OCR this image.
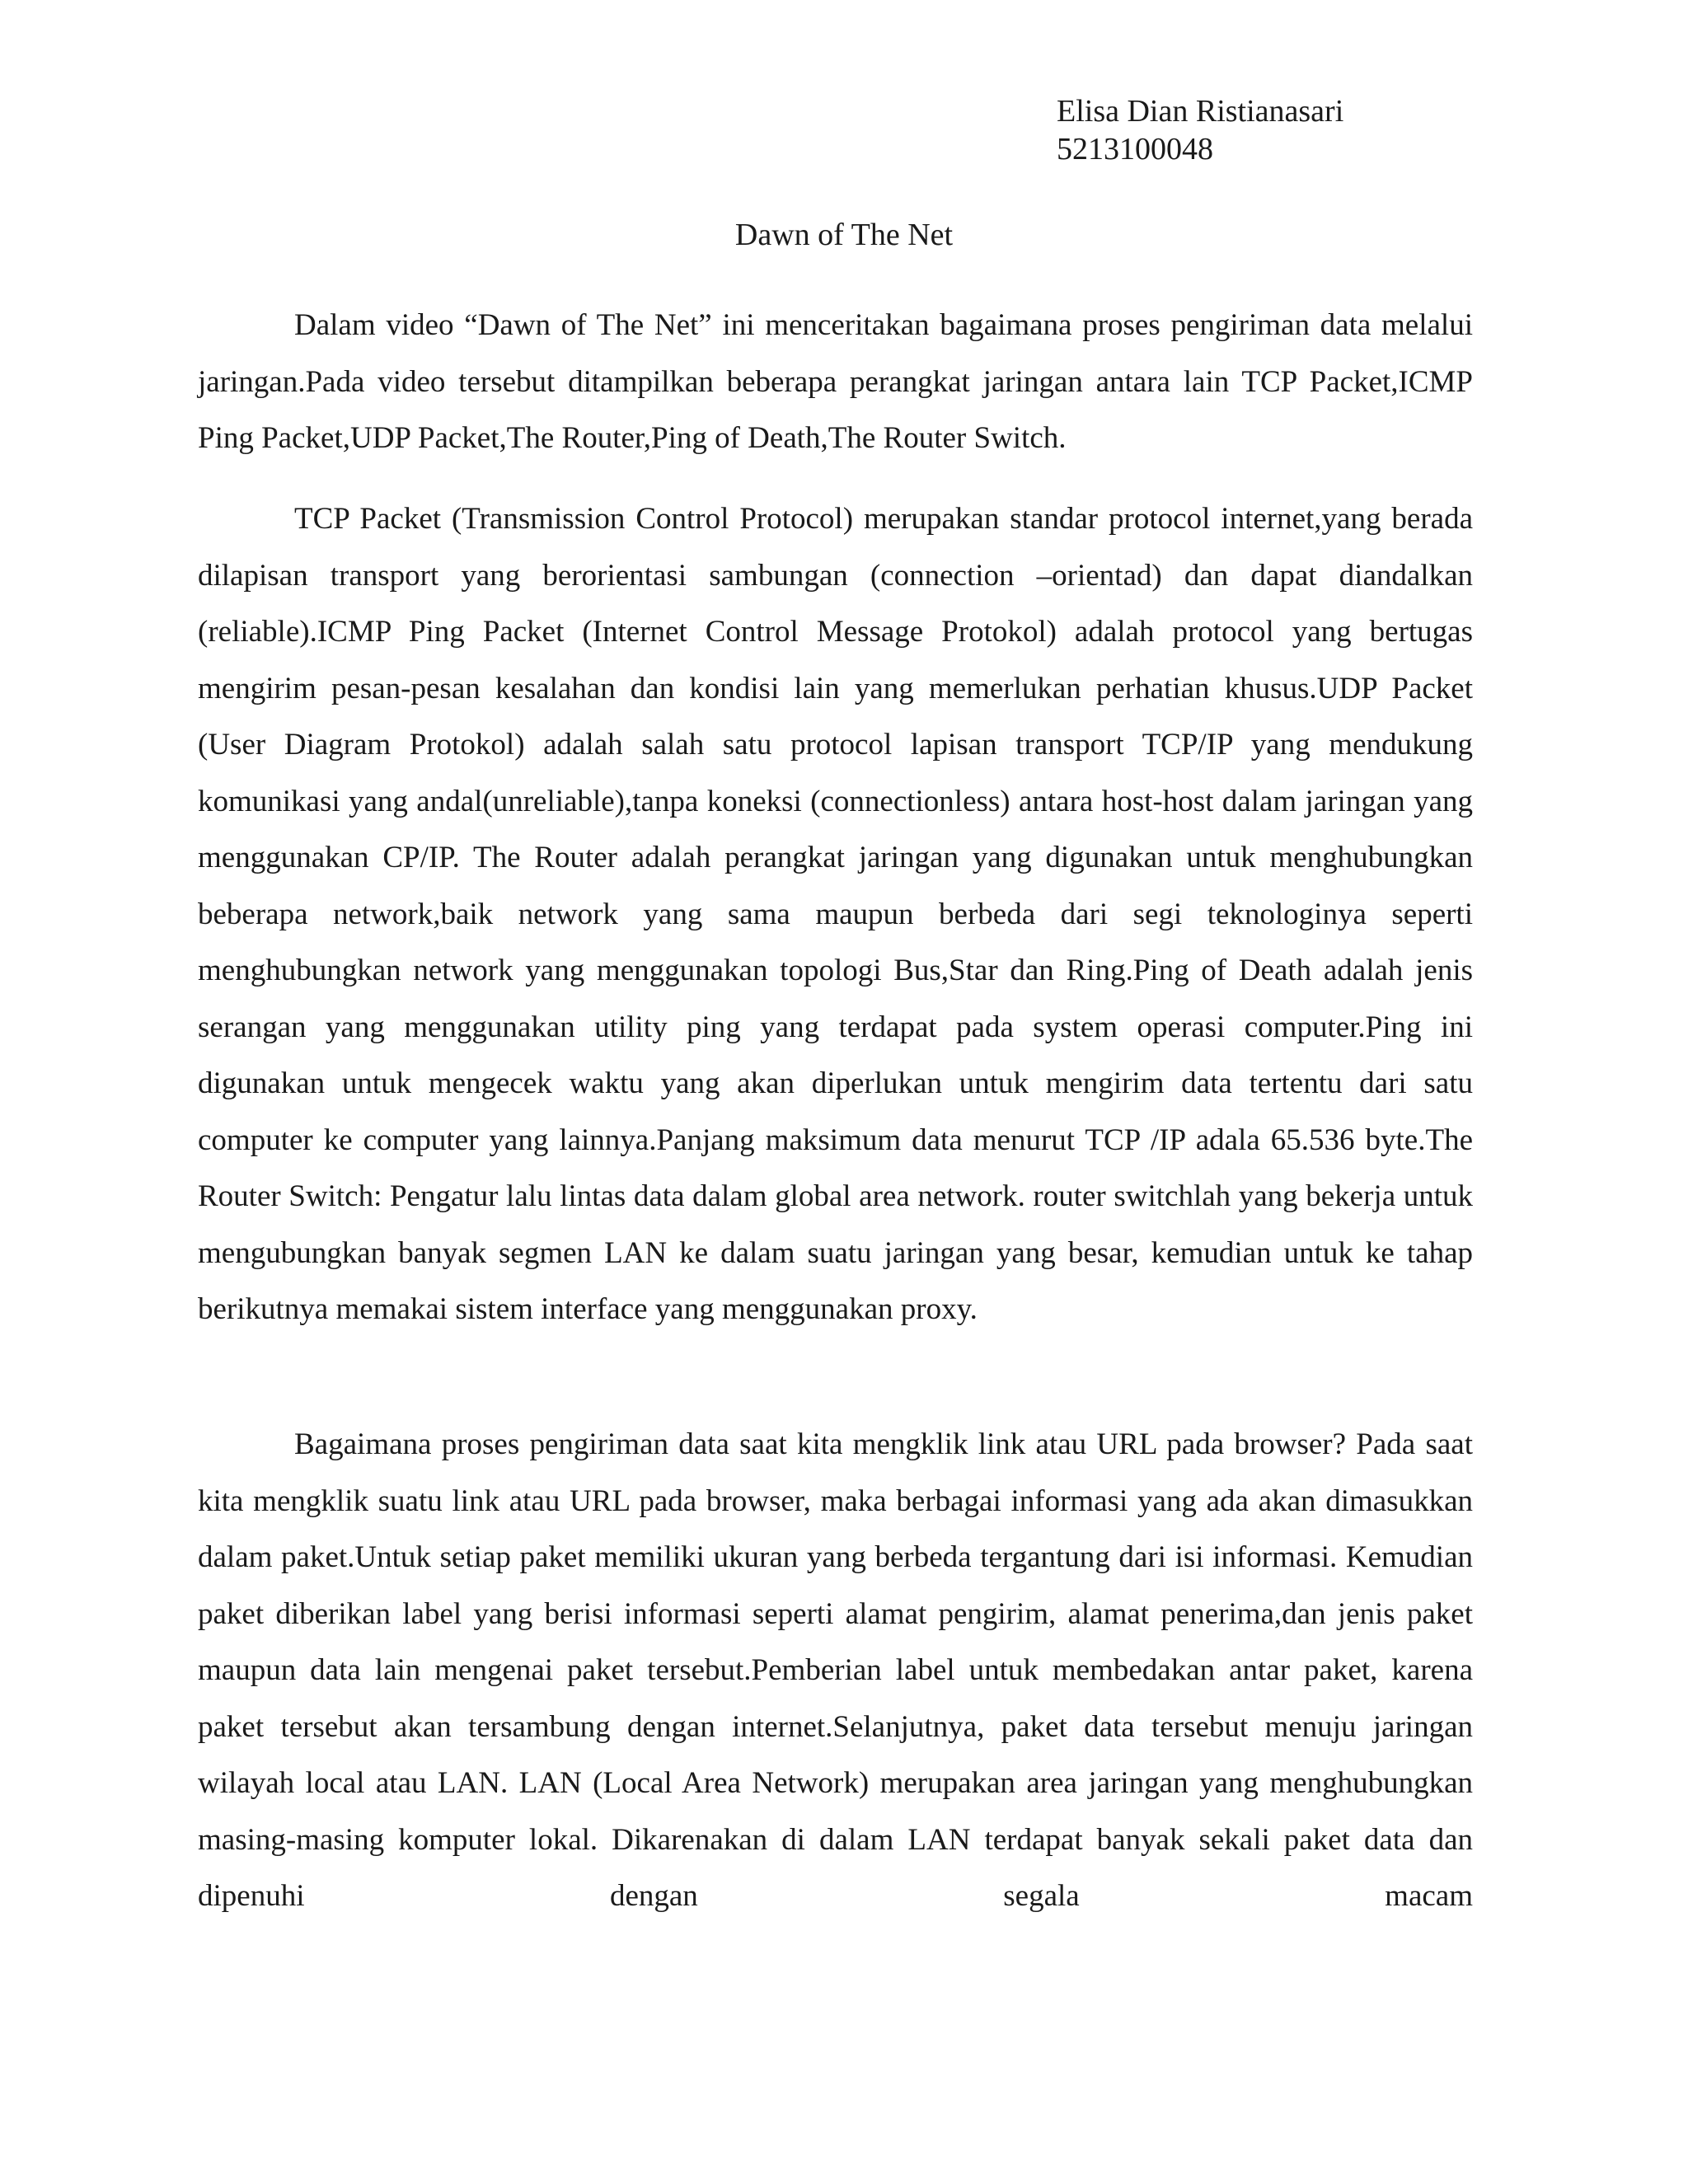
Elisa Dian Ristianasari
5213100048
Dawn of The Net

Dalam video “Dawn of The Net” ini menceritakan bagaimana proses pengiriman data melalui jaringan.Pada video tersebut ditampilkan beberapa perangkat jaringan antara lain TCP Packet,ICMP Ping Packet,UDP Packet,The Router,Ping of Death,The Router Switch.

TCP Packet (Transmission Control Protocol) merupakan standar protocol internet,yang berada dilapisan transport yang berorientasi sambungan (connection –orientad) dan dapat diandalkan (reliable).ICMP Ping Packet (Internet Control Message Protokol) adalah protocol yang bertugas mengirim pesan-pesan kesalahan dan kondisi lain yang memerlukan perhatian khusus.UDP Packet (User Diagram Protokol) adalah salah satu protocol lapisan transport TCP/IP yang mendukung komunikasi yang andal(unreliable),tanpa koneksi (connectionless) antara host-host dalam jaringan yang menggunakan CP/IP. The Router adalah perangkat jaringan yang digunakan untuk menghubungkan beberapa network,baik network yang sama maupun berbeda dari segi teknologinya seperti menghubungkan network yang menggunakan topologi Bus,Star dan Ring.Ping of Death adalah jenis serangan yang menggunakan utility ping yang terdapat pada system operasi computer.Ping ini digunakan untuk mengecek waktu yang akan diperlukan untuk mengirim data tertentu dari satu computer ke computer yang lainnya.Panjang maksimum data menurut TCP /IP adala 65.536 byte.The Router Switch: Pengatur lalu lintas data dalam global area network. router switchlah yang bekerja untuk mengubungkan banyak segmen LAN ke dalam suatu jaringan yang besar, kemudian untuk ke tahap berikutnya memakai sistem interface yang menggunakan proxy.

Bagaimana proses pengiriman data saat kita mengklik link atau URL pada browser? Pada saat kita mengklik suatu link atau URL pada browser, maka berbagai informasi yang ada akan dimasukkan dalam paket.Untuk setiap paket memiliki ukuran yang berbeda tergantung dari isi informasi. Kemudian paket diberikan label yang berisi informasi seperti alamat pengirim, alamat penerima,dan jenis paket maupun data lain mengenai paket tersebut.Pemberian label untuk membedakan antar paket, karena paket tersebut akan tersambung dengan internet.Selanjutnya, paket data tersebut menuju jaringan wilayah local atau LAN. LAN (Local Area Network) merupakan area jaringan yang menghubungkan masing-masing komputer lokal. Dikarenakan di dalam LAN terdapat banyak sekali paket data dan dipenuhi dengan segala macam
